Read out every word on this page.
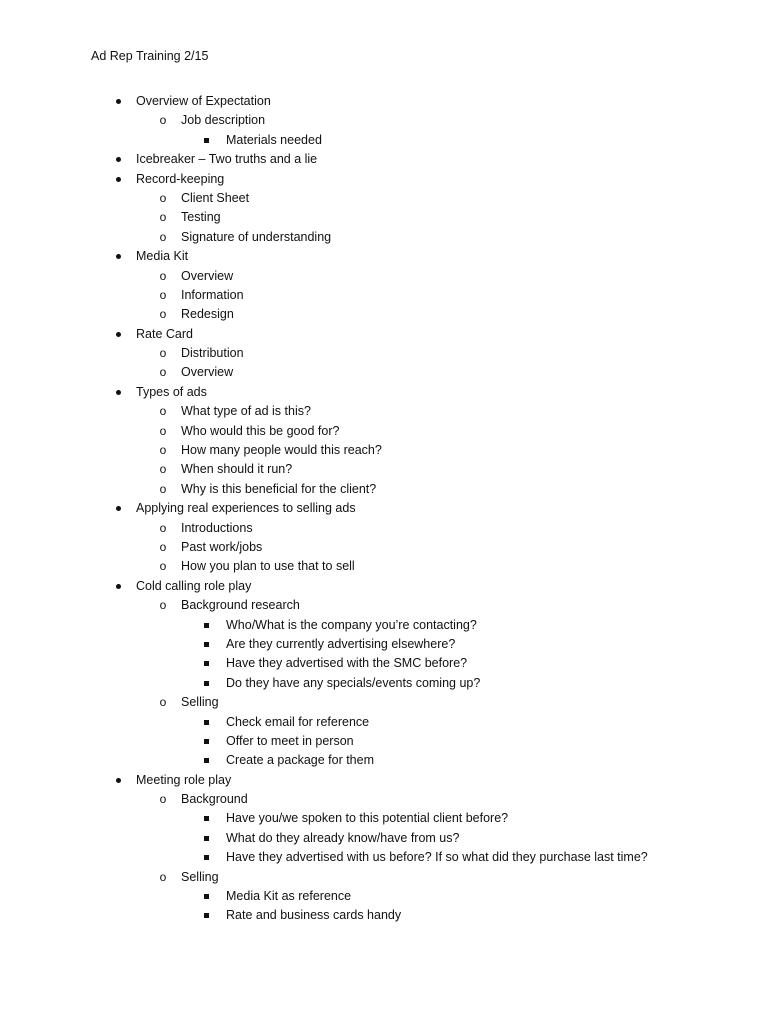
Ad Rep Training 2/15
Overview of Expectation
o Job description
Materials needed
Icebreaker – Two truths and a lie
Record-keeping
o Client Sheet
o Testing
o Signature of understanding
Media Kit
o Overview
o Information
o Redesign
Rate Card
o Distribution
o Overview
Types of ads
o What type of ad is this?
o Who would this be good for?
o How many people would this reach?
o When should it run?
o Why is this beneficial for the client?
Applying real experiences to selling ads
o Introductions
o Past work/jobs
o How you plan to use that to sell
Cold calling role play
o Background research
Who/What is the company you’re contacting?
Are they currently advertising elsewhere?
Have they advertised with the SMC before?
Do they have any specials/events coming up?
o Selling
Check email for reference
Offer to meet in person
Create a package for them
Meeting role play
o Background
Have you/we spoken to this potential client before?
What do they already know/have from us?
Have they advertised with us before? If so what did they purchase last time?
o Selling
Media Kit as reference
Rate and business cards handy
